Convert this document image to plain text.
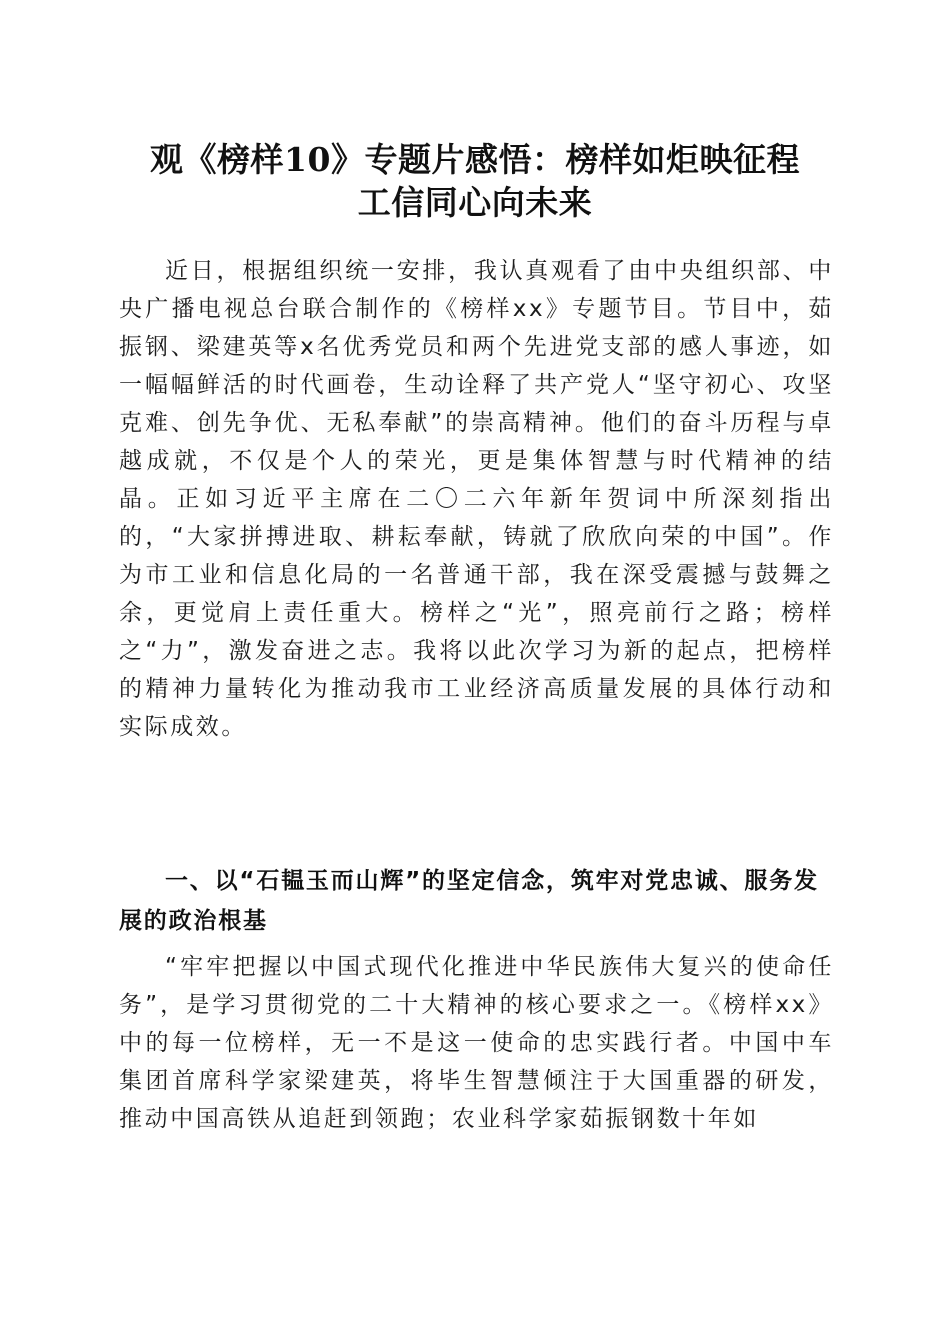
观《榜样10》专题片感悟：榜样如炬映征程
工信同心向未来

近日，根据组织统一安排，我认真观看了由中央组织部、中央广播电视总台联合制作的《榜样xx》专题节目。节目中，茹振钢、梁建英等x名优秀党员和两个先进党支部的感人事迹，如一幅幅鲜活的时代画卷，生动诠释了共产党人“坚守初心、攻坚克难、创先争优、无私奉献”的崇高精神。他们的奋斗历程与卓越成就，不仅是个人的荣光，更是集体智慧与时代精神的结晶。正如习近平主席在二〇二六年新年贺词中所深刻指出的，“大家拼搏进取、耕耘奉献，铸就了欣欣向荣的中国”。作为市工业和信息化局的一名普通干部，我在深受震撼与鼓舞之余，更觉肩上责任重大。榜样之“光”，照亮前行之路；榜样之“力”，激发奋进之志。我将以此次学习为新的起点，把榜样的精神力量转化为推动我市工业经济高质量发展的具体行动和实际成效。

一、以“石韫玉而山辉”的坚定信念，筑牢对党忠诚、服务发展的政治根基

“牢牢把握以中国式现代化推进中华民族伟大复兴的使命任务”，是学习贯彻党的二十大精神的核心要求之一。《榜样xx》中的每一位榜样，无一不是这一使命的忠实践行者。中国中车集团首席科学家梁建英，将毕生智慧倾注于大国重器的研发，推动中国高铁从追赶到领跑；农业科学家茹振钢数十年如
